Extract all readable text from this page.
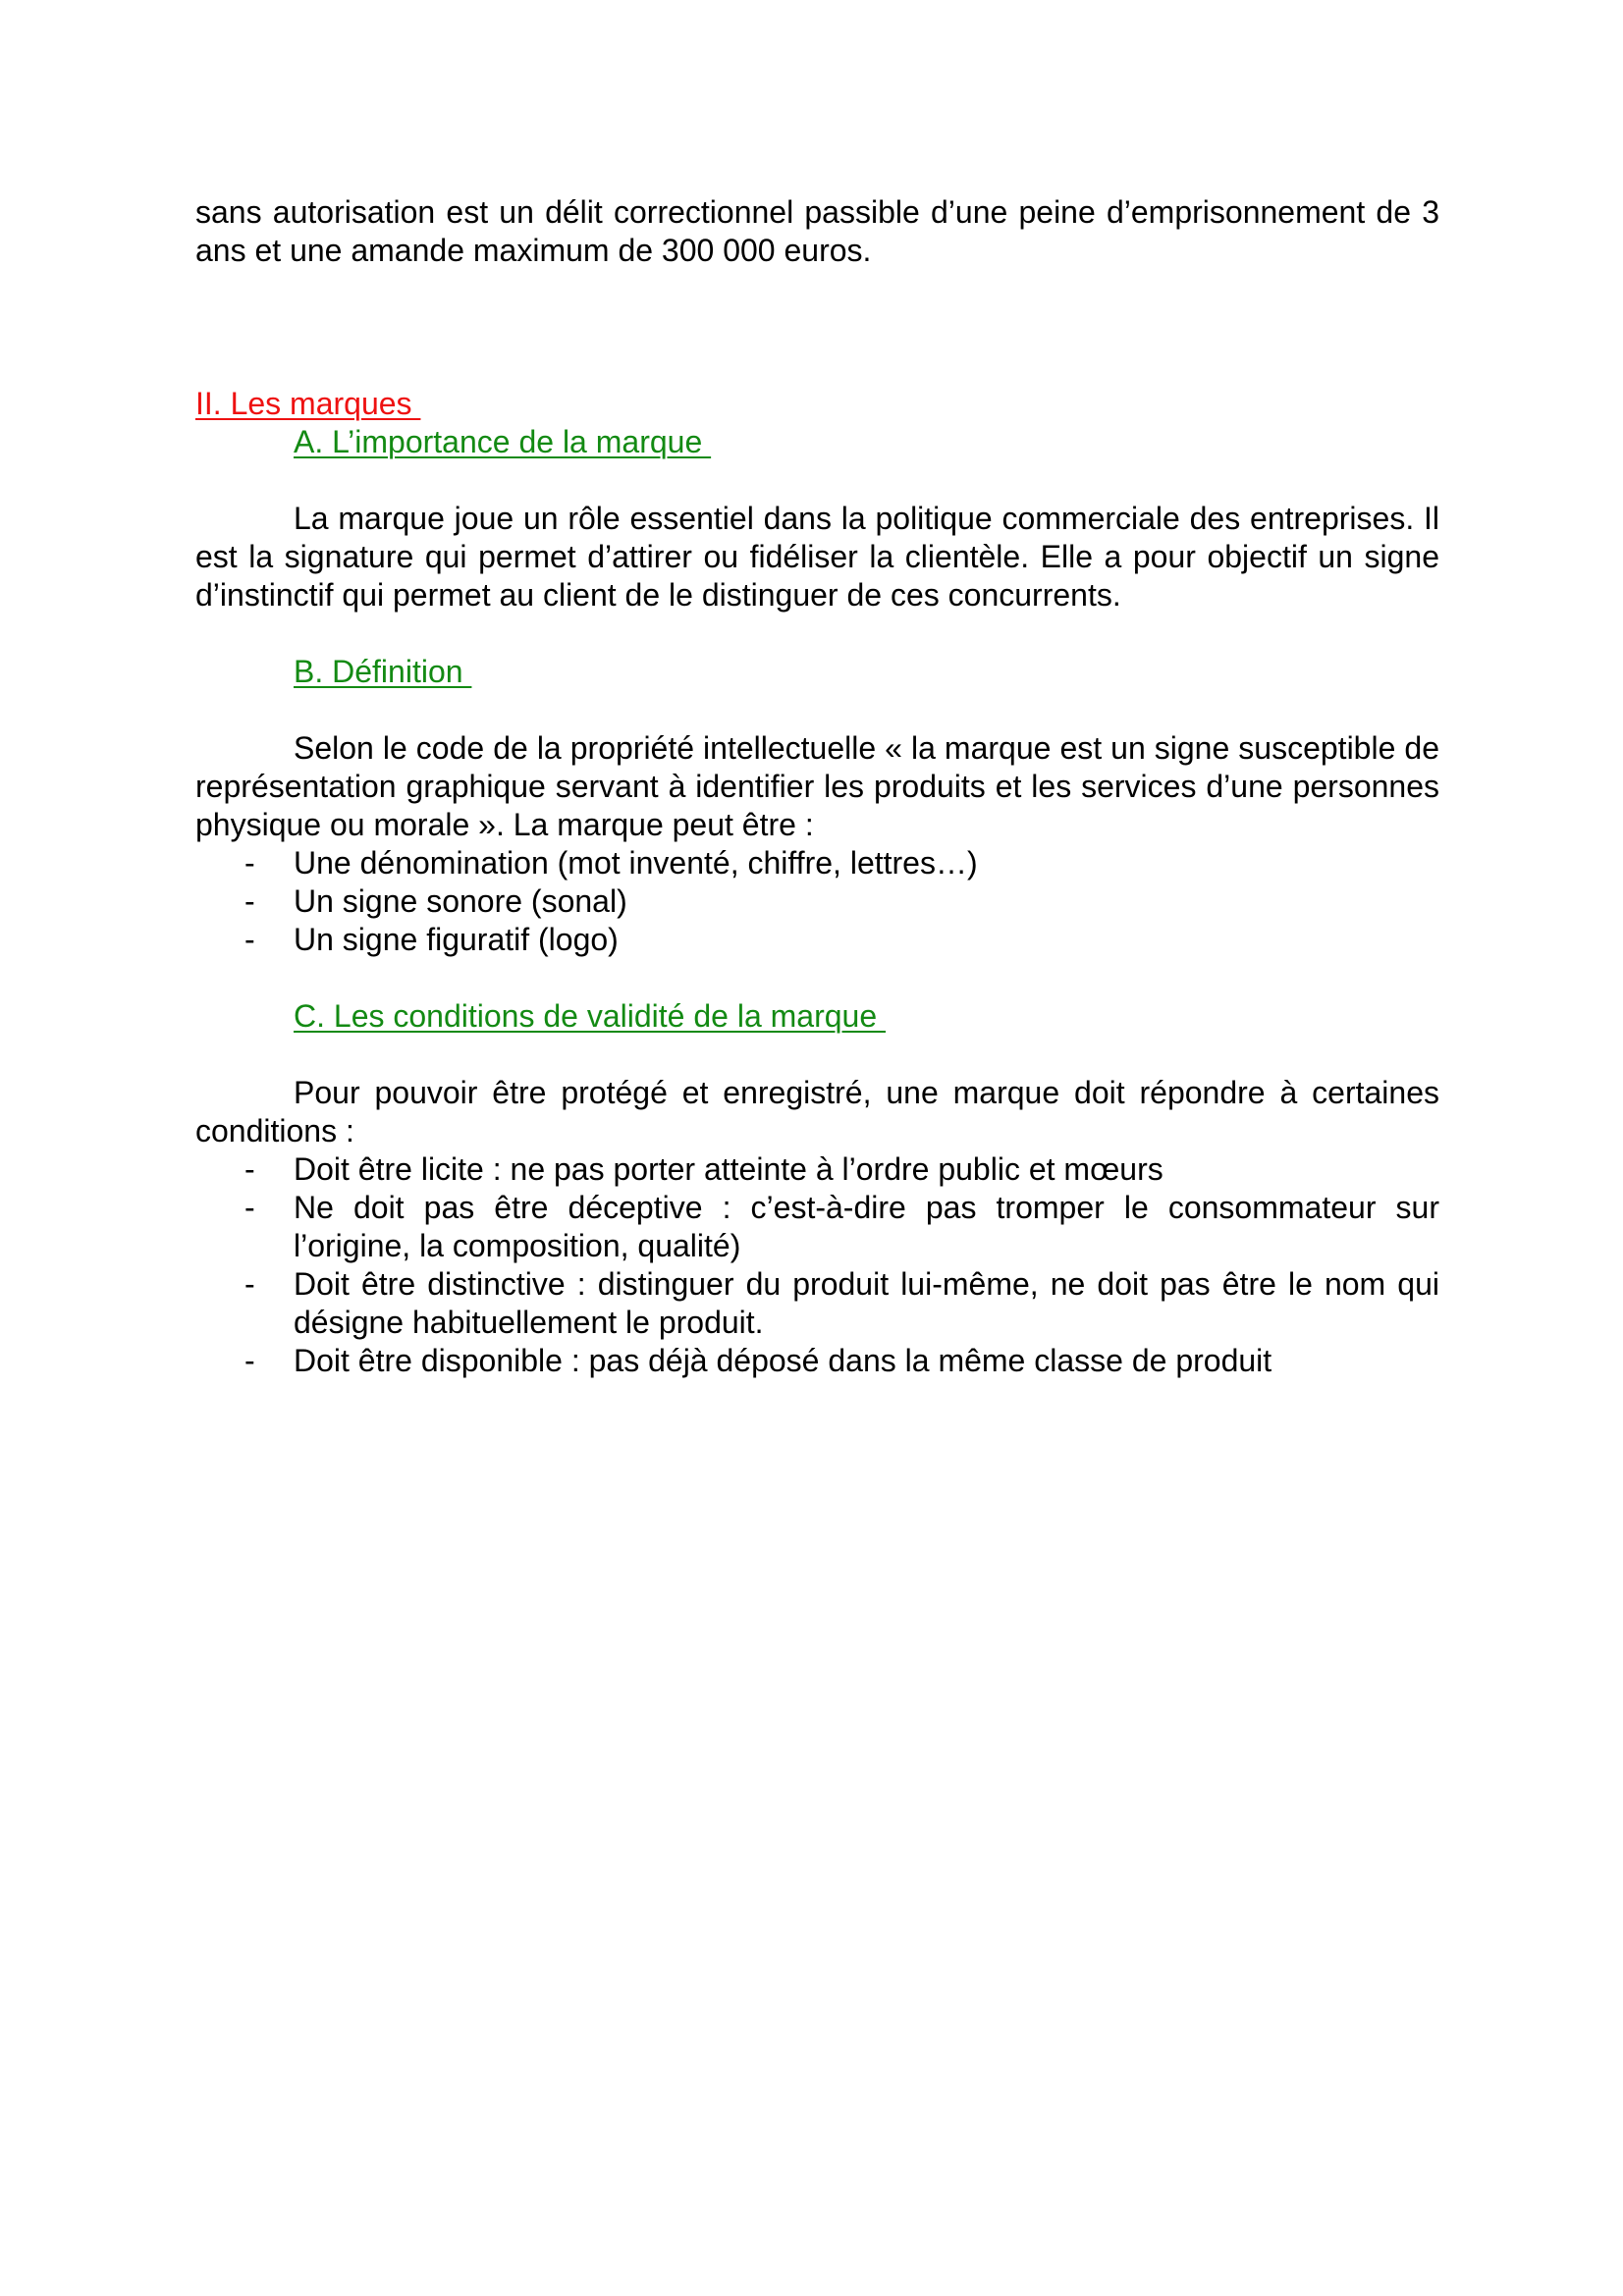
sans autorisation est un délit correctionnel passible d’une peine d’emprisonnement de 3 ans et une amande maximum de 300 000 euros.

II. Les marques

A. L’importance de la marque

La marque joue un rôle essentiel dans la politique commerciale des entreprises. Il est la signature qui permet d’attirer ou fidéliser la clientèle. Elle a pour objectif un signe d’instinctif qui permet au client de le distinguer de ces concurrents.

B. Définition

Selon le code de la propriété intellectuelle « la marque est un signe susceptible de représentation graphique servant à identifier les produits et les services d’une personnes physique ou morale ». La marque peut être :

- Une dénomination (mot inventé, chiffre, lettres…)
- Un signe sonore (sonal)
- Un signe figuratif (logo)

C. Les conditions de validité de la marque

Pour pouvoir être protégé et enregistré, une marque doit répondre à certaines conditions :

- Doit être licite : ne pas porter atteinte à l’ordre public et mœurs
- Ne doit pas être déceptive : c’est-à-dire pas tromper le consommateur sur l’origine, la composition, qualité)
- Doit être distinctive : distinguer du produit lui-même, ne doit pas être le nom qui désigne habituellement le produit.
- Doit être disponible : pas déjà déposé dans la même classe de produit
